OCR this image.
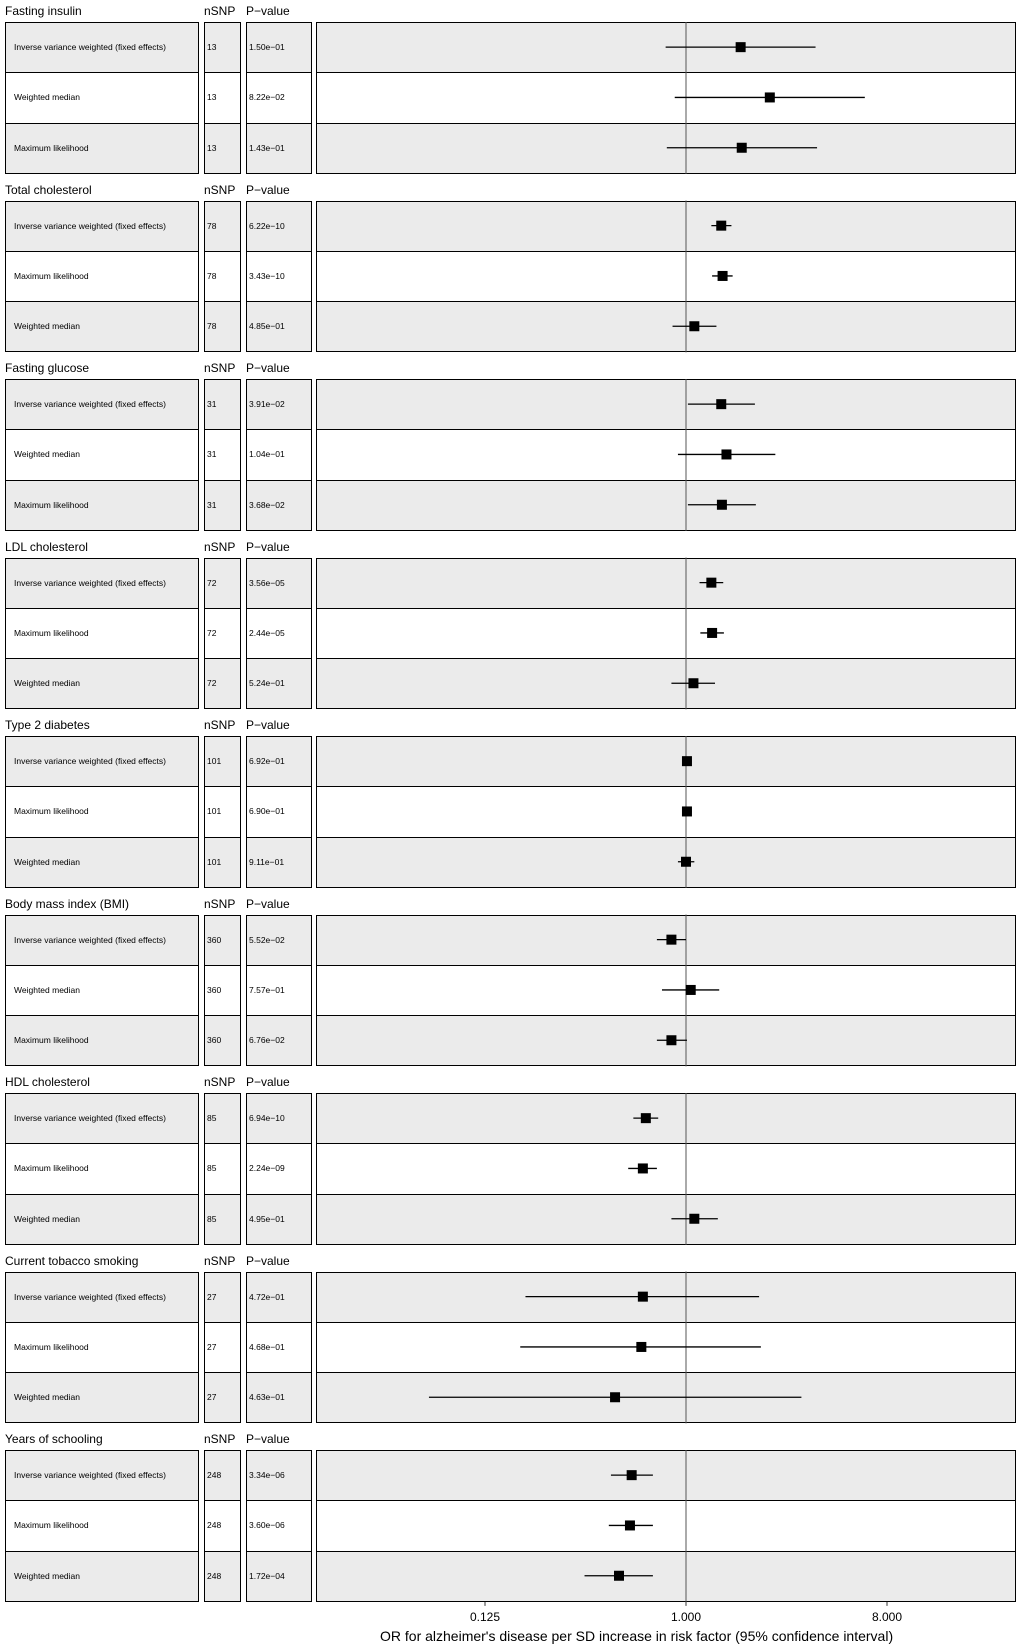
Fasting insulin	nSNP P−value
Inverse variance weighted (fixed effects)	13	1.50e−01
Weighted median	13	8.22e−02
Maximum likelihood	13	1.43e−01
Total cholesterol	nSNP P−value
Inverse variance weighted (fixed effects)	78	6.22e−10
Maximum likelihood	78	3.43e−10
Weighted median	78	4.85e−01
Fasting glucose	nSNP P−value
Inverse variance weighted (fixed effects)	31	3.91e−02
Weighted median	31	1.04e−01
Maximum likelihood	31	3.68e−02
LDL cholesterol	nSNP P−value
Inverse variance weighted (fixed effects)	72	3.56e−05
Maximum likelihood	72	2.44e−05
Weighted median	72	5.24e−01
Type 2 diabetes	nSNP P−value
Inverse variance weighted (fixed effects)	101	6.92e−01
Maximum likelihood	101	6.90e−01
Weighted median	101	9.11e−01
Body mass index (BMI)	nSNP P−value
Inverse variance weighted (fixed effects)	360	5.52e−02
Weighted median	360	7.57e−01
Maximum likelihood	360	6.76e−02
HDL cholesterol	nSNP P−value
Inverse variance weighted (fixed effects)	85	6.94e−10
Maximum likelihood	85	2.24e−09
Weighted median	85	4.95e−01
Current tobacco smoking	nSNP P−value
Inverse variance weighted (fixed effects)	27	4.72e−01
Maximum likelihood	27	4.68e−01
Weighted median	27	4.63e−01
Years of schooling	nSNP P−value
Inverse variance weighted (fixed effects)	248	3.34e−06
Maximum likelihood	248	3.60e−06
Weighted median	248	1.72e−04
0.125	1.000	8.000
OR for alzheimer's disease per SD increase in risk factor (95% confidence interval)
